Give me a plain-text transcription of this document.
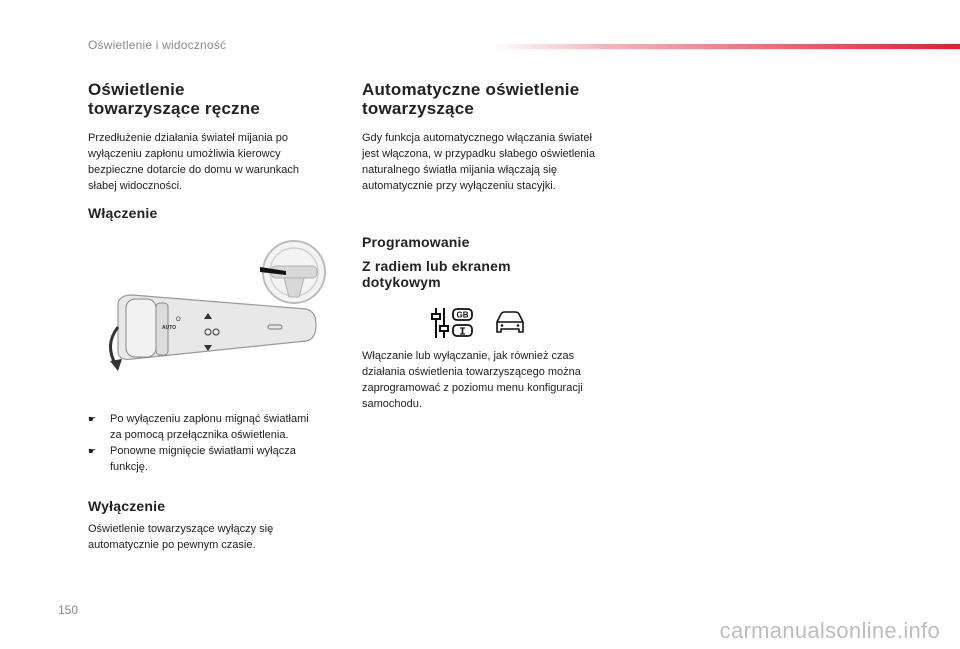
Oświetlenie i widoczność
Oświetlenie
towarzyszące ręczne

Przedłużenie działania świateł mijania po

wyłączeniu zapłonu umożliwia kierowcy

bezpieczne dotarcie do domu w warunkach

słabej widoczności.

Włączenie
O
AUTO
☛	Po wyłączeniu zapłonu mignąć światłami
za pomocą przełącznika oświetlenia.
☛	Ponowne mignięcie światłami wyłącza
funkcję.
Wyłączenie

Oświetlenie towarzyszące wyłączy się

automatycznie po pewnym czasie.

Automatyczne oświetlenie
towarzyszące

Gdy funkcja automatycznego włączania świateł

jest włączona, w przypadku słabego oświetlenia

naturalnego światła mijania włączają się

automatycznie przy wyłączeniu stacyjki.

Programowanie
Z radiem lub ekranem
dotykowym
GB

Włączanie lub wyłączanie, jak również czas

działania oświetlenia towarzyszącego można

zaprogramować z poziomu menu konfiguracji

samochodu.

150
carmanualsonline.info
